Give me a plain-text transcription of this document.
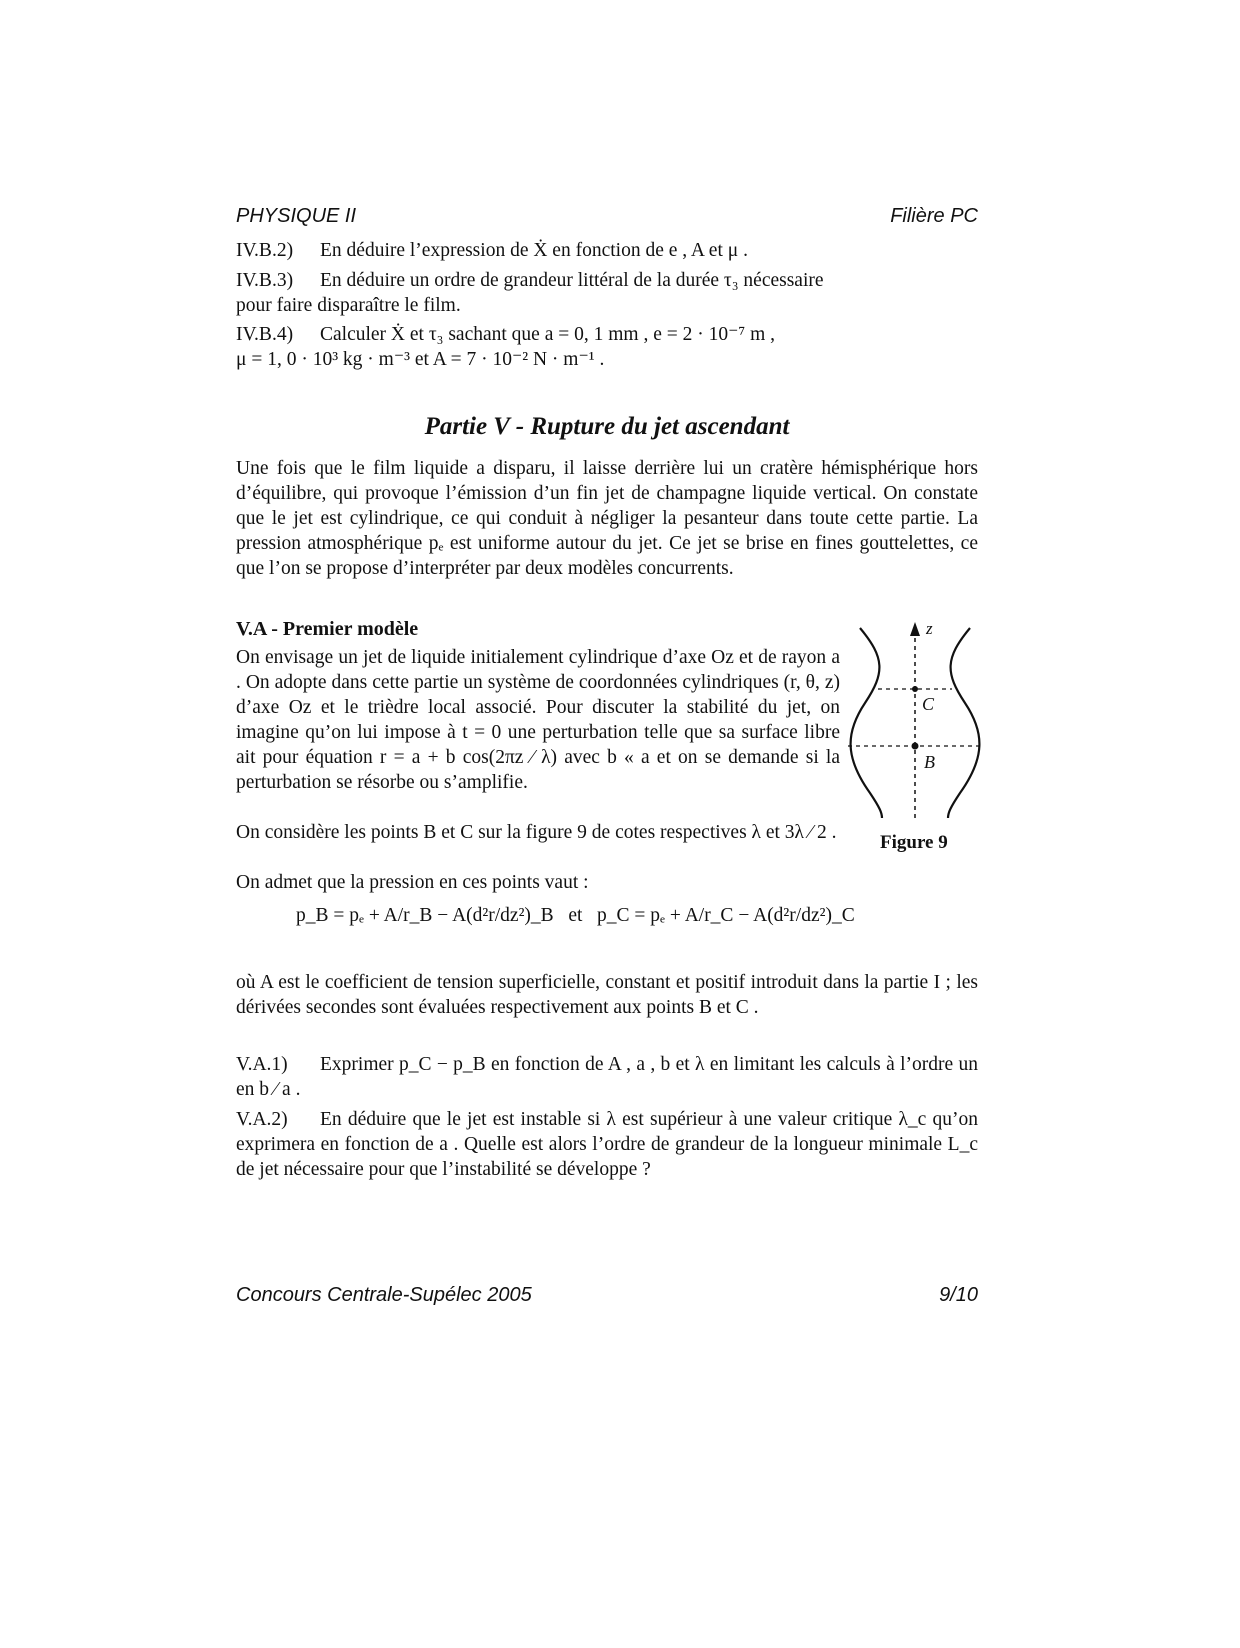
PHYSIQUE II	Filière PC
IV.B.2) En déduire l’expression de Ẋ en fonction de e , A et μ .
IV.B.3) En déduire un ordre de grandeur littéral de la durée τ₃ nécessaire
pour faire disparaître le film.
IV.B.4) Calculer Ẋ et τ₃ sachant que a = 0, 1 mm , e = 2 · 10⁻⁷ m ,
μ = 1, 0 · 10³ kg · m⁻³ et A = 7 · 10⁻² N · m⁻¹ .
Partie V - Rupture du jet ascendant
Une fois que le film liquide a disparu, il laisse derrière lui un cratère hémisphérique hors d’équilibre, qui provoque l’émission d’un fin jet de champagne liquide vertical. On constate que le jet est cylindrique, ce qui conduit à négliger la pesanteur dans toute cette partie. La pression atmosphérique pₑ est uniforme autour du jet. Ce jet se brise en fines gouttelettes, ce que l’on se propose d’interpréter par deux modèles concurrents.
V.A - Premier modèle
On envisage un jet de liquide initialement cylindrique d’axe Oz et de rayon a . On adopte dans cette partie un système de coordonnées cylindriques (r, θ, z) d’axe Oz et le trièdre local associé. Pour discuter la stabilité du jet, on imagine qu’on lui impose à t = 0 une perturbation telle que sa surface libre ait pour équation r = a + b cos(2πz ⁄ λ) avec b « a et on se demande si la perturbation se résorbe ou s’amplifie.
On considère les points B et C sur la figure 9 de cotes respectives λ et 3λ ⁄ 2 .
On admet que la pression en ces points vaut :
z
C
B
Figure 9
p_B = pₑ + A/r_B − A(d²r/dz²)_B et p_C = pₑ + A/r_C − A(d²r/dz²)_C
où A est le coefficient de tension superficielle, constant et positif introduit dans la partie I ; les dérivées secondes sont évaluées respectivement aux points B et C .
V.A.1) Exprimer p_C − p_B en fonction de A , a , b et λ en limitant les calculs à l’ordre un en b ⁄ a .
V.A.2) En déduire que le jet est instable si λ est supérieur à une valeur critique λ_c qu’on exprimera en fonction de a . Quelle est alors l’ordre de grandeur de la longueur minimale L_c de jet nécessaire pour que l’instabilité se développe ?
Concours Centrale-Supélec 2005	9/10
